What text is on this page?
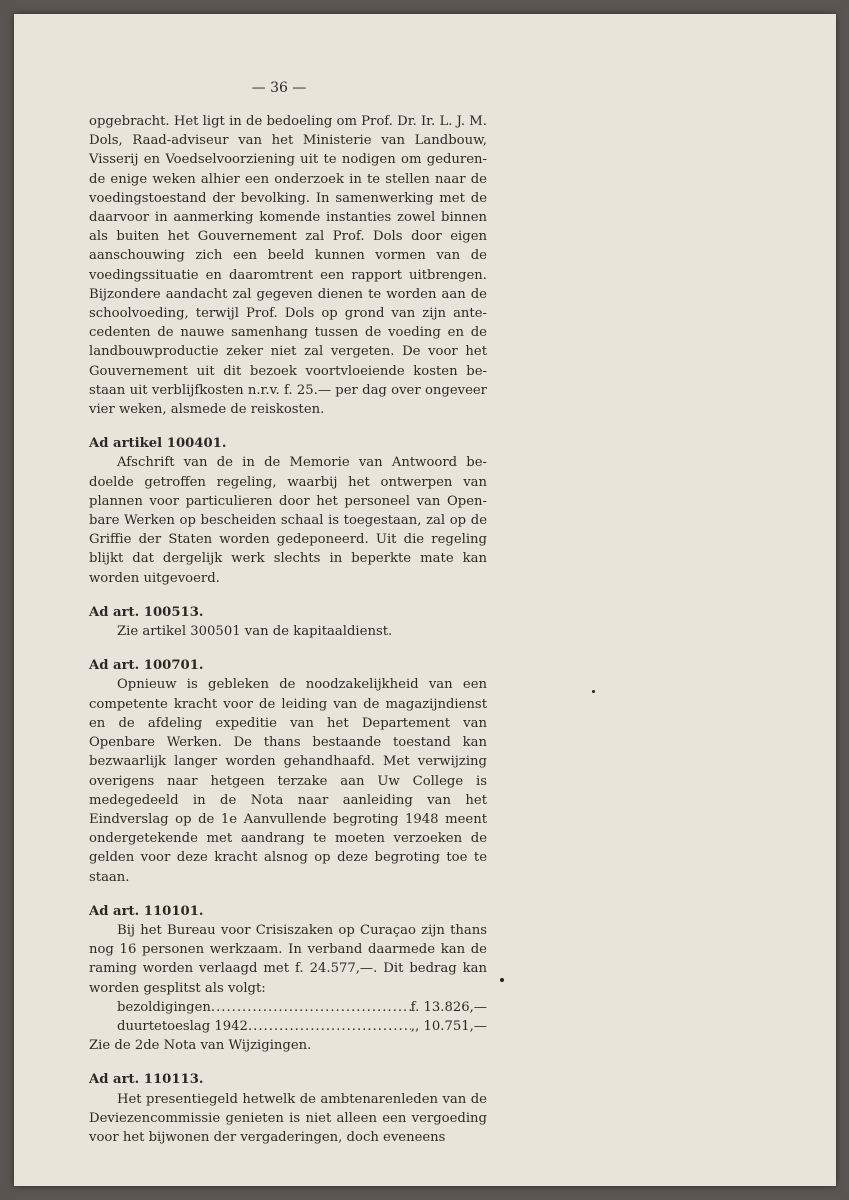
— 36 —

opgebracht. Het ligt in de bedoeling om Prof. Dr. Ir. L. J. M. Dols, Raad-adviseur van het Ministerie van Landbouw, Visserij en Voedselvoorziening uit te nodigen om gedurende enige weken alhier een onderzoek in te stellen naar de voedingstoestand der bevolking. In samenwerking met de daarvoor in aanmerking komende instanties zowel binnen als buiten het Gouvernement zal Prof. Dols door eigen aanschouwing zich een beeld kunnen vormen van de voedingssituatie en daaromtrent een rapport uitbrengen. Bijzondere aandacht zal gegeven dienen te worden aan de schoolvoeding, terwijl Prof. Dols op grond van zijn antecedenten de nauwe samenhang tussen de voeding en de landbouwproductie zeker niet zal vergeten. De voor het Gouvernement uit dit bezoek voortvloeiende kosten bestaan uit verblijfkosten n.r.v. f. 25.— per dag over ongeveer vier weken, alsmede de reiskosten.

Ad artikel 100401.

Afschrift van de in de Memorie van Antwoord bedoelde getroffen regeling, waarbij het ontwerpen van plannen voor particulieren door het personeel van Openbare Werken op bescheiden schaal is toegestaan, zal op de Griffie der Staten worden gedeponeerd. Uit die regeling blijkt dat dergelijk werk slechts in beperkte mate kan worden uitgevoerd.

Ad art. 100513.

Zie artikel 300501 van de kapitaaldienst.

Ad art. 100701.

Opnieuw is gebleken de noodzakelijkheid van een competente kracht voor de leiding van de magazijndienst en de afdeling expeditie van het Departement van Openbare Werken. De thans bestaande toestand kan bezwaarlijk langer worden gehandhaafd. Met verwijzing overigens naar hetgeen terzake aan Uw College is medegedeeld in de Nota naar aanleiding van het Eindverslag op de 1e Aanvullende begroting 1948 meent ondergetekende met aandrang te moeten verzoeken de gelden voor deze kracht alsnog op deze begroting toe te staan.

Ad art. 110101.

Bij het Bureau voor Crisiszaken op Curaçao zijn thans nog 16 personen werkzaam. In verband daarmede kan de raming worden verlaagd met f. 24.577,—. Dit bedrag kan worden gesplitst als volgt:

bezoldigingen .....	f. 13.826,—
duurtetoeslag 1942 .....	,, 10.751,—

Zie de 2de Nota van Wijzigingen.

Ad art. 110113.

Het presentiegeld hetwelk de ambtenarenleden van de Deviezencommissie genieten is niet alleen een vergoeding voor het bijwonen der vergaderingen, doch eveneens
